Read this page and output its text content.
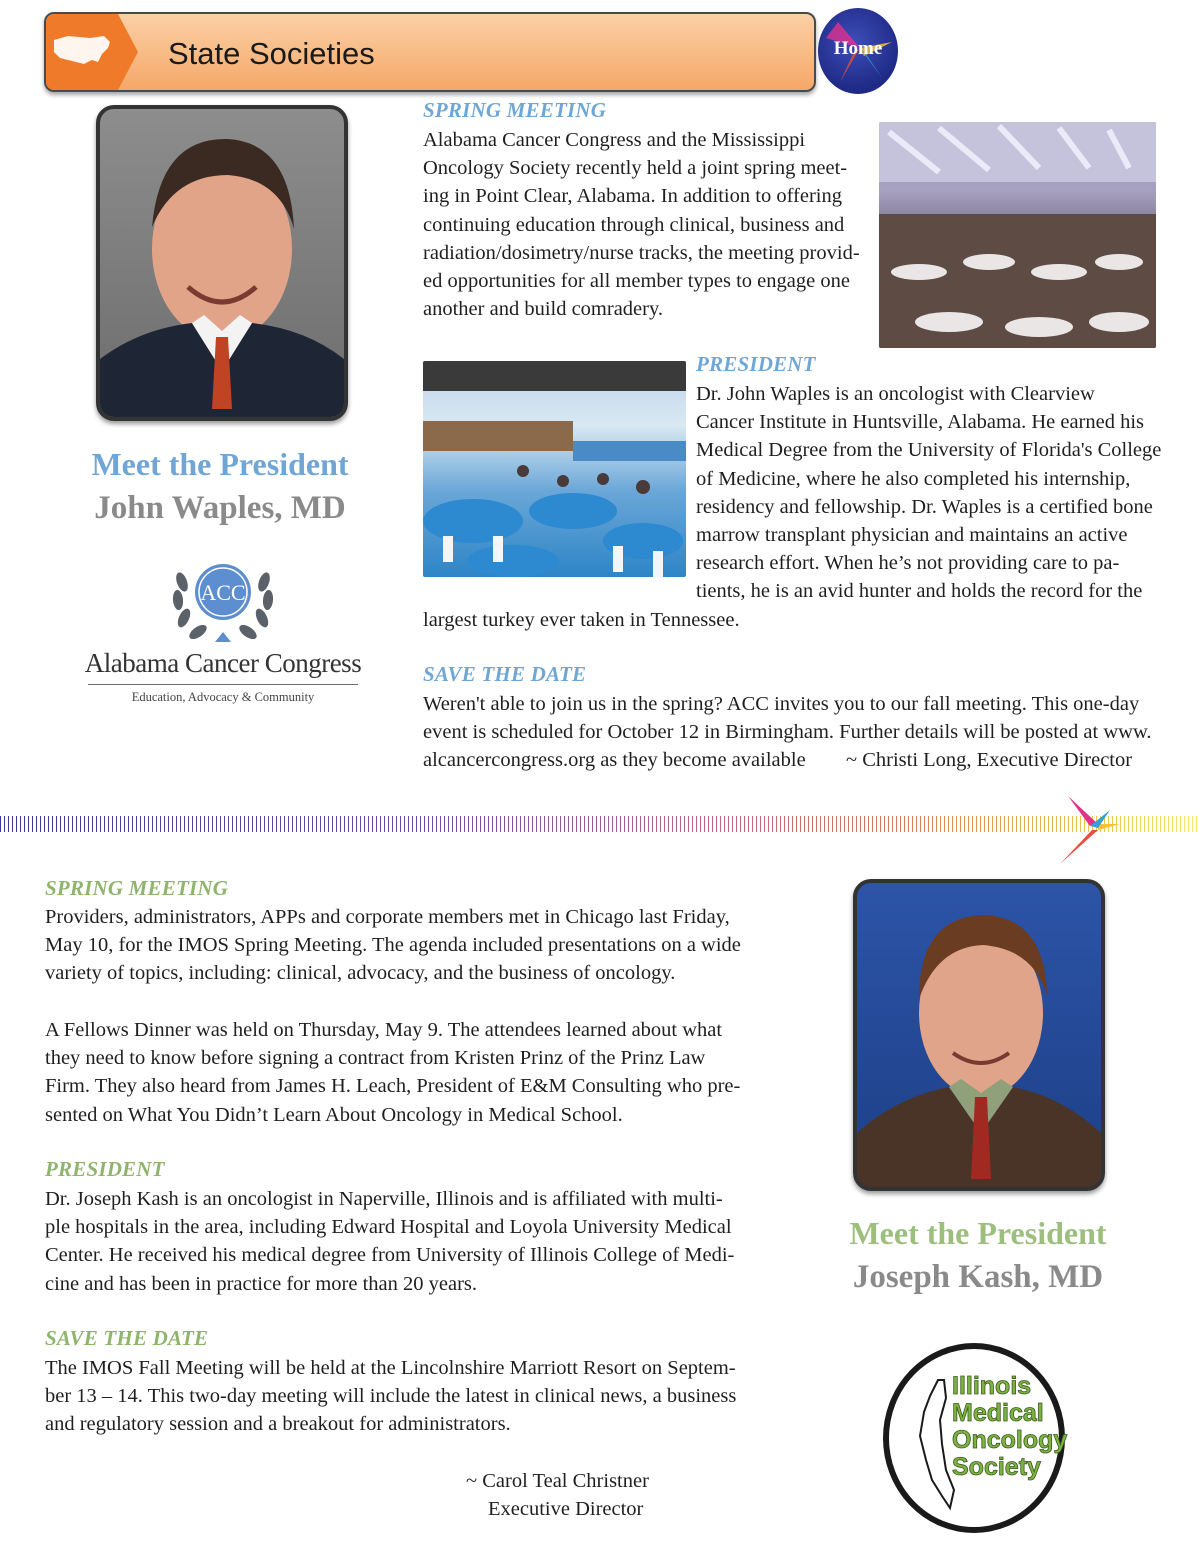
State Societies	Home
SPRING MEETING
Alabama Cancer Congress and the Mississippi
Oncology Society recently held a joint spring meet-
ing in Point Clear, Alabama. In addition to offering
continuing education through clinical, business and
radiation/dosimetry/nurse tracks, the meeting provid-
ed opportunities for all member types to engage one
another and build comradery.
PRESIDENT
Dr. John Waples is an oncologist with Clearview
Cancer Institute in Huntsville, Alabama. He earned his
Medical Degree from the University of Florida's College
of Medicine, where he also completed his internship,
residency and fellowship. Dr. Waples is a certified bone
marrow transplant physician and maintains an active
research effort. When he’s not providing care to pa-
tients, he is an avid hunter and holds the record for the
largest turkey ever taken in Tennessee.
SAVE THE DATE
Weren't able to join us in the spring? ACC invites you to our fall meeting. This one-day
event is scheduled for October 12 in Birmingham. Further details will be posted at www.
alcancercongress.org as they become available	~ Christi Long, Executive Director
Meet the President
John Waples, MD
ACC
Alabama Cancer Congress
Education, Advocacy & Community
SPRING MEETING
Providers, administrators, APPs and corporate members met in Chicago last Friday,
May 10, for the IMOS Spring Meeting. The agenda included presentations on a wide
variety of topics, including: clinical, advocacy, and the business of oncology.
A Fellows Dinner was held on Thursday, May 9. The attendees learned about what
they need to know before signing a contract from Kristen Prinz of the Prinz Law
Firm. They also heard from James H. Leach, President of E&M Consulting who pre-
sented on What You Didn’t Learn About Oncology in Medical School.
PRESIDENT
Dr. Joseph Kash is an oncologist in Naperville, Illinois and is affiliated with multi-
ple hospitals in the area, including Edward Hospital and Loyola University Medical
Center. He received his medical degree from University of Illinois College of Medi-
cine and has been in practice for more than 20 years.
SAVE THE DATE
The IMOS Fall Meeting will be held at the Lincolnshire Marriott Resort on Septem-
ber 13 – 14. This two-day meeting will include the latest in clinical news, a business
and regulatory session and a breakout for administrators.
~ Carol Teal Christner
Executive Director
Meet the President
Joseph Kash, MD
Illinois
Medical
Oncology
Society
